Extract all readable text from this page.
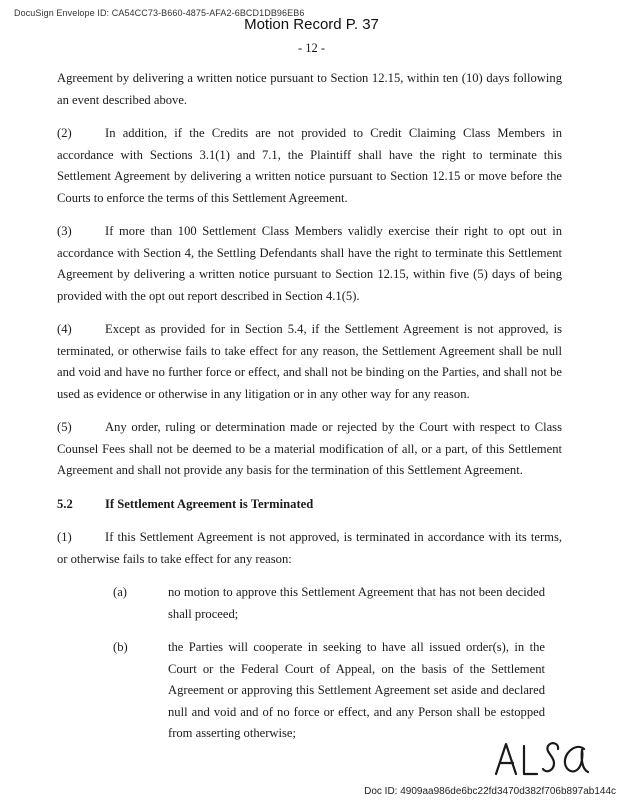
DocuSign Envelope ID: CA54CC73-B660-4875-AFA2-6BCD1DB96EB6
Motion Record P. 37
- 12 -

Agreement by delivering a written notice pursuant to Section 12.15, within ten (10) days following an event described above.

(2)	In addition, if the Credits are not provided to Credit Claiming Class Members in accordance with Sections 3.1(1) and 7.1, the Plaintiff shall have the right to terminate this Settlement Agreement by delivering a written notice pursuant to Section 12.15 or move before the Courts to enforce the terms of this Settlement Agreement.

(3)	If more than 100 Settlement Class Members validly exercise their right to opt out in accordance with Section 4, the Settling Defendants shall have the right to terminate this Settlement Agreement by delivering a written notice pursuant to Section 12.15, within five (5) days of being provided with the opt out report described in Section 4.1(5).

(4)	Except as provided for in Section 5.4, if the Settlement Agreement is not approved, is terminated, or otherwise fails to take effect for any reason, the Settlement Agreement shall be null and void and have no further force or effect, and shall not be binding on the Parties, and shall not be used as evidence or otherwise in any litigation or in any other way for any reason.

(5)	Any order, ruling or determination made or rejected by the Court with respect to Class Counsel Fees shall not be deemed to be a material modification of all, or a part, of this Settlement Agreement and shall not provide any basis for the termination of this Settlement Agreement.

5.2	If Settlement Agreement is Terminated

(1)	If this Settlement Agreement is not approved, is terminated in accordance with its terms, or otherwise fails to take effect for any reason:

(a)	no motion to approve this Settlement Agreement that has not been decided shall proceed;
(b)	the Parties will cooperate in seeking to have all issued order(s), in the Court or the Federal Court of Appeal, on the basis of the Settlement Agreement or approving this Settlement Agreement set aside and declared null and void and of no force or effect, and any Person shall be estopped from asserting otherwise;
Doc ID: 4909aa986de6bc22fd3470d382f706b897ab144c
